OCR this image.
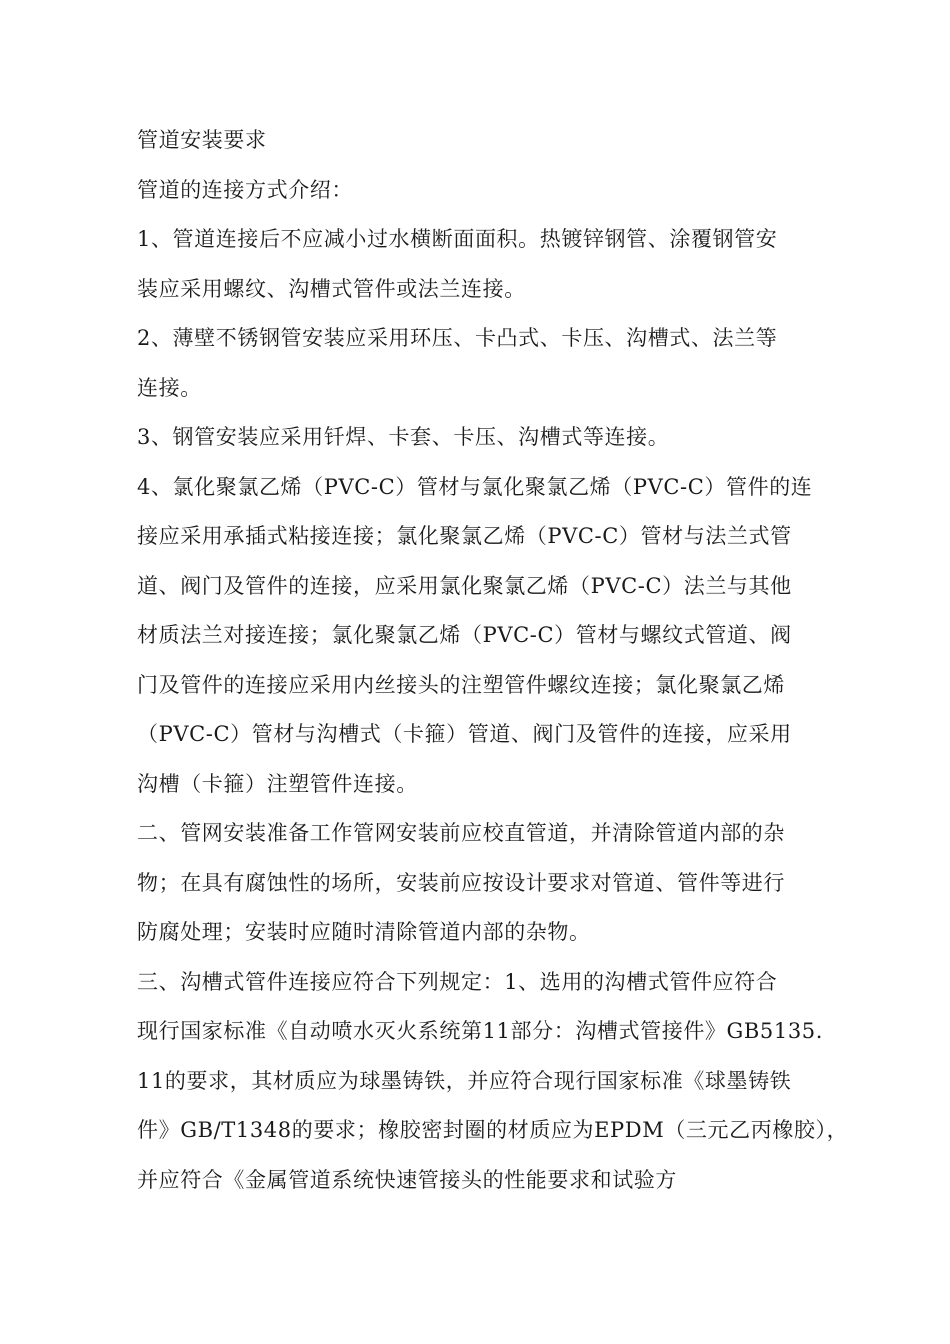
管道安装要求
管道的连接方式介绍：
1、管道连接后不应减小过水横断面面积。热镀锌钢管、涂覆钢管安
装应采用螺纹、沟槽式管件或法兰连接。
2、薄壁不锈钢管安装应采用环压、卡凸式、卡压、沟槽式、法兰等
连接。
3、钢管安装应采用钎焊、卡套、卡压、沟槽式等连接。
4、氯化聚氯乙烯（PVC-C）管材与氯化聚氯乙烯（PVC-C）管件的连
接应采用承插式粘接连接；氯化聚氯乙烯（PVC-C）管材与法兰式管
道、阀门及管件的连接，应采用氯化聚氯乙烯（PVC-C）法兰与其他
材质法兰对接连接；氯化聚氯乙烯（PVC-C）管材与螺纹式管道、阀
门及管件的连接应采用内丝接头的注塑管件螺纹连接；氯化聚氯乙烯
（PVC-C）管材与沟槽式（卡箍）管道、阀门及管件的连接，应采用
沟槽（卡箍）注塑管件连接。
二、管网安装准备工作管网安装前应校直管道，并清除管道内部的杂
物；在具有腐蚀性的场所，安装前应按设计要求对管道、管件等进行
防腐处理；安装时应随时清除管道内部的杂物。
三、沟槽式管件连接应符合下列规定：1、选用的沟槽式管件应符合
现行国家标准《自动喷水灭火系统第11部分：沟槽式管接件》GB5135.
11的要求，其材质应为球墨铸铁，并应符合现行国家标准《球墨铸铁
件》GB/T1348的要求；橡胶密封圈的材质应为EPDM（三元乙丙橡胶），
并应符合《金属管道系统快速管接头的性能要求和试验方
